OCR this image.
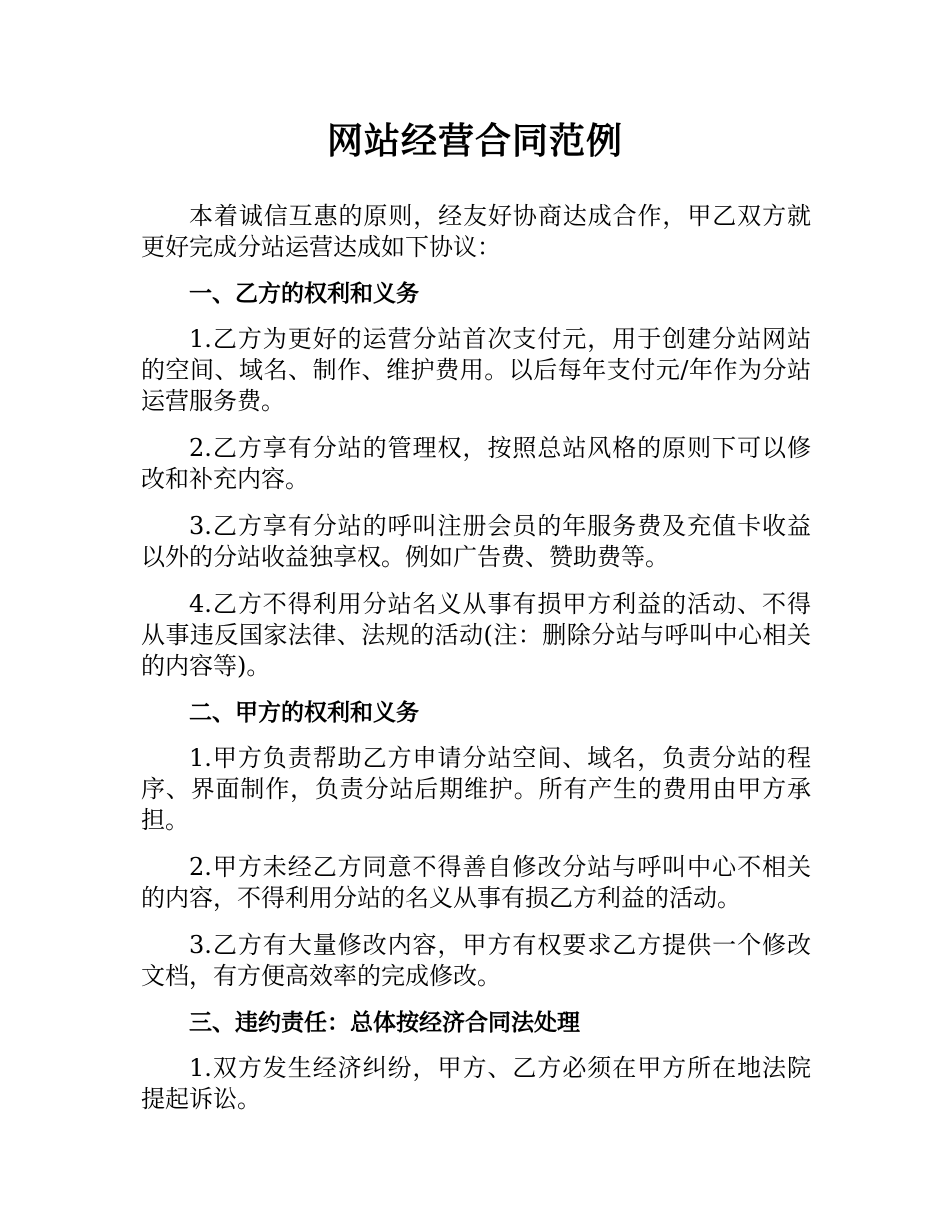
网站经营合同范例

本着诚信互惠的原则，经友好协商达成合作，甲乙双方就更好完成分站运营达成如下协议：

一、乙方的权利和义务

1.乙方为更好的运营分站首次支付元，用于创建分站网站的空间、域名、制作、维护费用。以后每年支付元/年作为分站运营服务费。

2.乙方享有分站的管理权，按照总站风格的原则下可以修改和补充内容。

3.乙方享有分站的呼叫注册会员的年服务费及充值卡收益以外的分站收益独享权。例如广告费、赞助费等。

4.乙方不得利用分站名义从事有损甲方利益的活动、不得从事违反国家法律、法规的活动(注：删除分站与呼叫中心相关的内容等)。

二、甲方的权利和义务

1.甲方负责帮助乙方申请分站空间、域名，负责分站的程序、界面制作，负责分站后期维护。所有产生的费用由甲方承担。

2.甲方未经乙方同意不得善自修改分站与呼叫中心不相关的内容，不得利用分站的名义从事有损乙方利益的活动。

3.乙方有大量修改内容，甲方有权要求乙方提供一个修改文档，有方便高效率的完成修改。

三、违约责任：总体按经济合同法处理

1.双方发生经济纠纷，甲方、乙方必须在甲方所在地法院提起诉讼。
